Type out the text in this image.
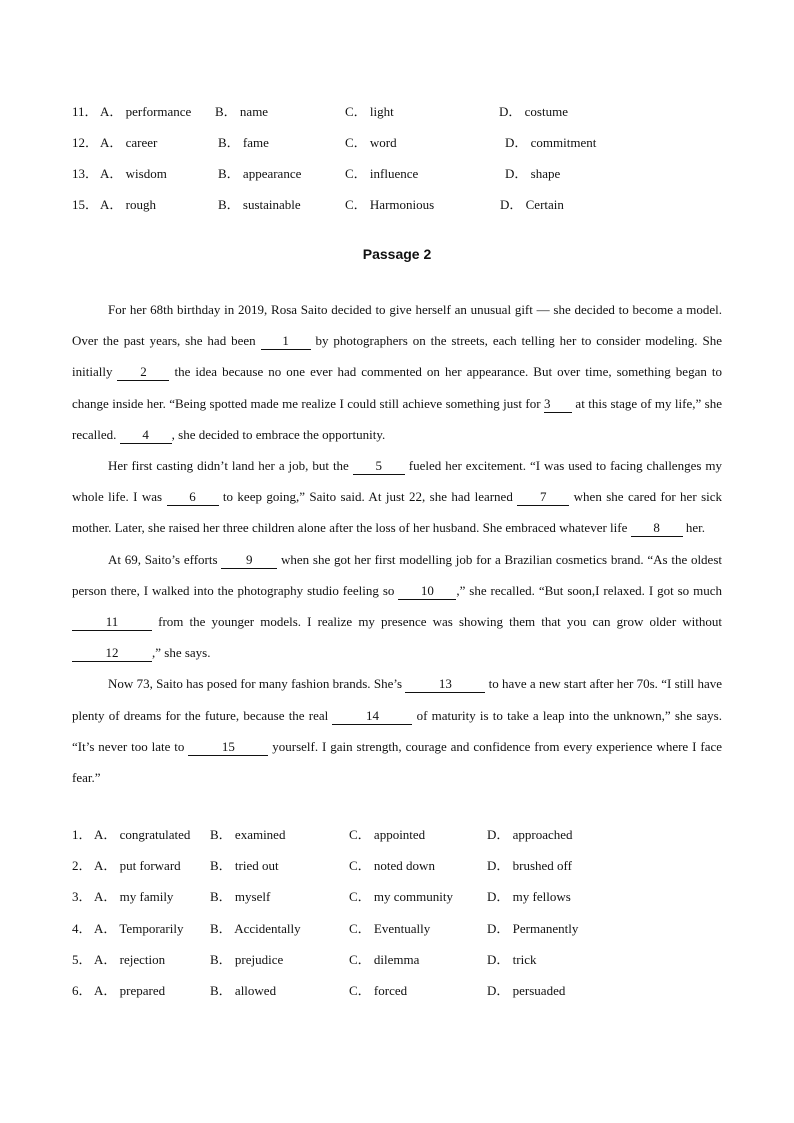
11． A． performance B． name	C． light	D． costume
12． A． career	B． fame	C． word	D． commitment
13． A． wisdom	B． appearance	C． influence	D． shape
15． A． rough	B． sustainable	C． Harmonious	D． Certain
Passage 2

For her 68th birthday in 2019, Rosa Saito decided to give herself an unusual gift — she decided to become a model. Over the past years, she had been 1 by photographers on the streets, each telling her to consider modeling. She initially 2 the idea because no one ever had commented on her appearance. But over time, something began to change inside her. “Being spotted made me realize I could still achieve something just for 3 at this stage of my life,” she recalled. 4 , she decided to embrace the opportunity.

Her first casting didn’t land her a job, but the 5 fueled her excitement. “I was used to facing challenges my whole life. I was 6 to keep going,” Saito said. At just 22, she had learned 7 when she cared for her sick mother. Later, she raised her three children alone after the loss of her husband. She embraced whatever life 8 her.

At 69, Saito’s efforts 9 when she got her first modelling job for a Brazilian cosmetics brand. “As the oldest person there, I walked into the photography studio feeling so 10 ,” she recalled. “But soon,I relaxed. I got so much 11	from the younger models. I realize my presence was showing them that you can grow older without 12	,” she says.

Now 73, Saito has posed for many fashion brands. She’s	13	to have a new start after her 70s. “I still have plenty of dreams for the future, because the real	14	of maturity is to take a leap into the unknown,” she says. “It’s never too late to	15	yourself. I gain strength, courage and confidence from every experience where I face fear.”

1． A． congratulated B． examined	C． appointed	D． approached
2． A． put forward B． tried out	C． noted down	D． brushed off
3． A． my family	B． myself	C． my community	D． my fellows
4． A． Temporarily B． Accidentally	C． Eventually	D． Permanently
5． A． rejection	B． prejudice	C． dilemma	D． trick
6． A． prepared	B． allowed	C． forced	D． persuaded
